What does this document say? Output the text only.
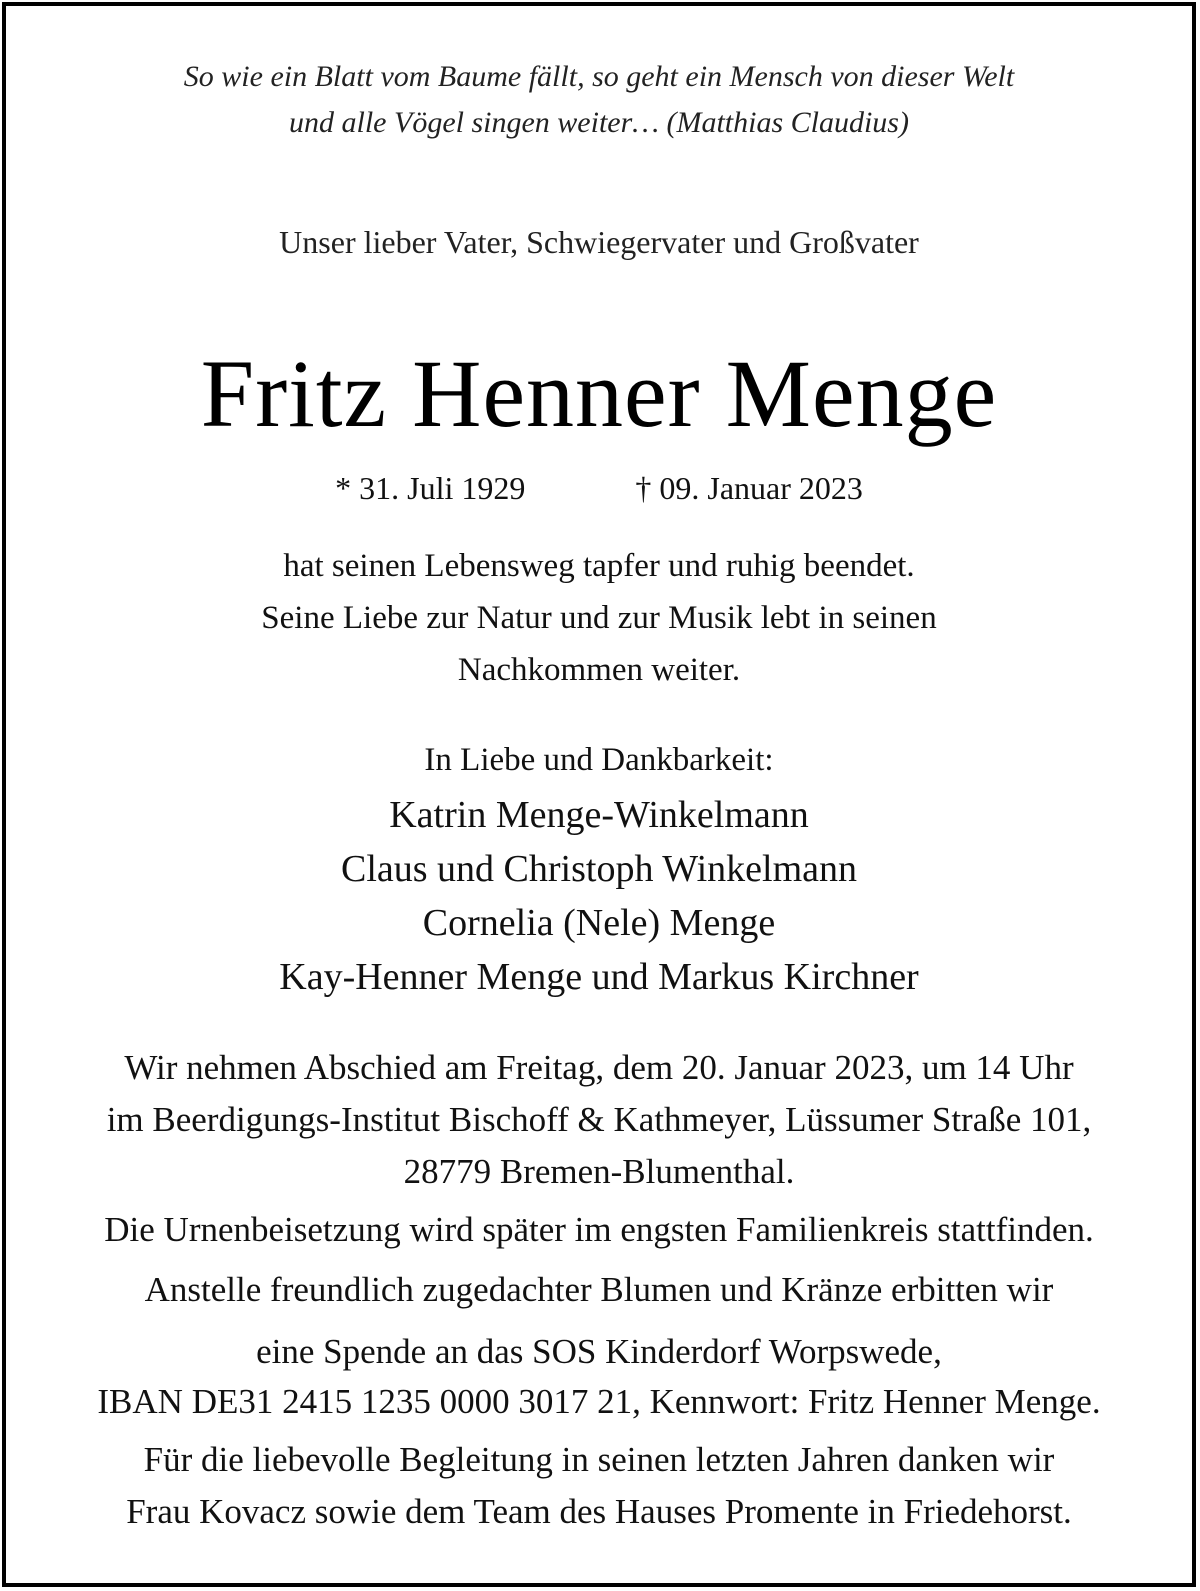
So wie ein Blatt vom Baume fällt, so geht ein Mensch von dieser Welt
und alle Vögel singen weiter… (Matthias Claudius)
Unser lieber Vater, Schwiegervater und Großvater
Fritz Henner Menge
* 31. Juli 1929	† 09. Januar 2023
hat seinen Lebensweg tapfer und ruhig beendet.
Seine Liebe zur Natur und zur Musik lebt in seinen
Nachkommen weiter.
In Liebe und Dankbarkeit:
Katrin Menge-Winkelmann
Claus und Christoph Winkelmann
Cornelia (Nele) Menge
Kay-Henner Menge und Markus Kirchner
Wir nehmen Abschied am Freitag, dem 20. Januar 2023, um 14 Uhr
im Beerdigungs-Institut Bischoff & Kathmeyer, Lüssumer Straße 101,
28779 Bremen-Blumenthal.
Die Urnenbeisetzung wird später im engsten Familienkreis stattfinden.
Anstelle freundlich zugedachter Blumen und Kränze erbitten wir
eine Spende an das SOS Kinderdorf Worpswede,
IBAN DE31 2415 1235 0000 3017 21, Kennwort: Fritz Henner Menge.
Für die liebevolle Begleitung in seinen letzten Jahren danken wir
Frau Kovacz sowie dem Team des Hauses Promente in Friedehorst.
